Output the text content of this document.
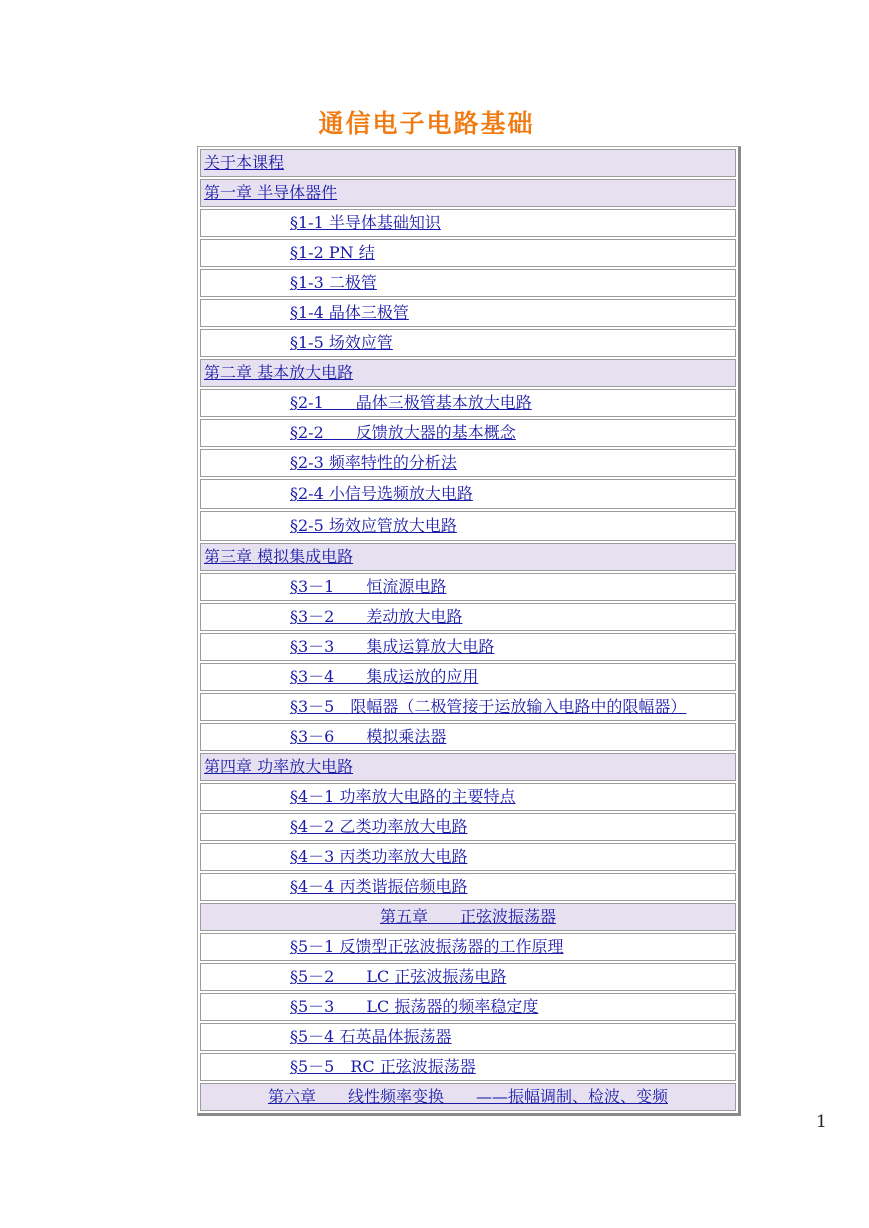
通信电子电路基础
关于本课程
第一章 半导体器件
§1-1 半导体基础知识
§1-2 PN 结
§1-3 二极管
§1-4 晶体三极管
§1-5 场效应管
第二章 基本放大电路
§2-1　　晶体三极管基本放大电路
§2-2　　反馈放大器的基本概念
§2-3 频率特性的分析法
§2-4 小信号选频放大电路
§2-5 场效应管放大电路
第三章 模拟集成电路
§3－1　　恒流源电路
§3－2　　差动放大电路
§3－3　　集成运算放大电路
§3－4　　集成运放的应用
§3－5　限幅器（二极管接于运放输入电路中的限幅器）
§3－6　　模拟乘法器
第四章 功率放大电路
§4－1 功率放大电路的主要特点
§4－2 乙类功率放大电路
§4－3 丙类功率放大电路
§4－4 丙类谐振倍频电路
第五章　　正弦波振荡器
§5－1 反馈型正弦波振荡器的工作原理
§5－2　　LC 正弦波振荡电路
§5－3　　LC 振荡器的频率稳定度
§5－4 石英晶体振荡器
§5－5　RC 正弦波振荡器
第六章　　线性频率变换　　——振幅调制、检波、变频
1
